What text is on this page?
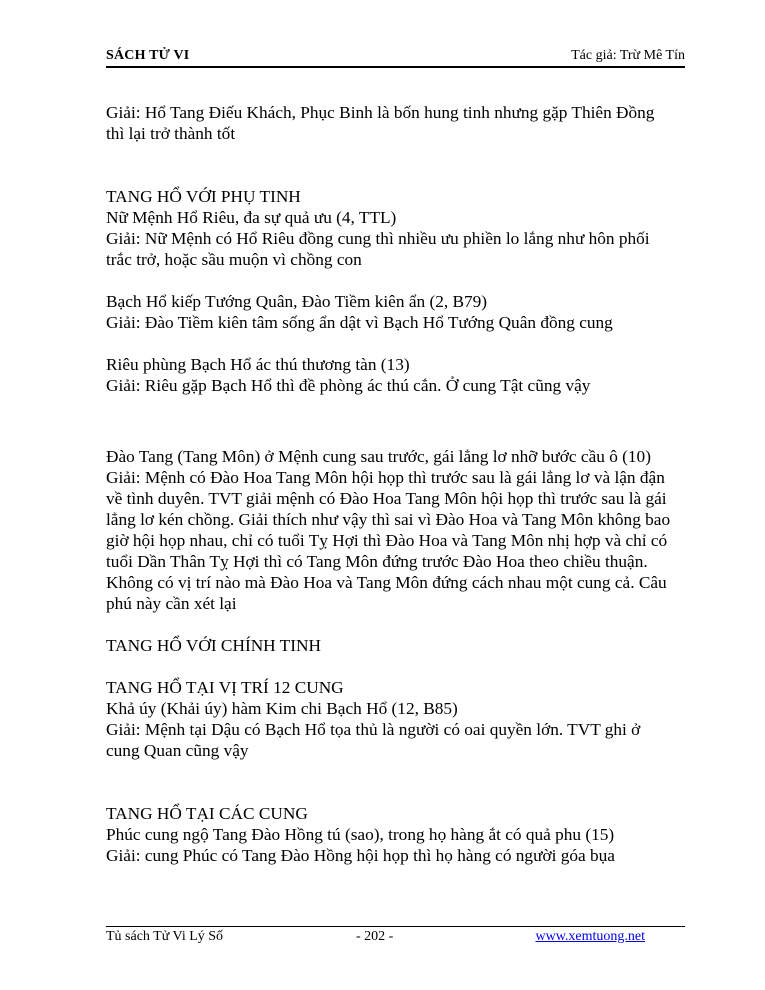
SÁCH TỬ VI	Tác giả: Trừ Mê Tín
Giải: Hổ Tang Điếu Khách, Phục Binh là bốn hung tinh nhưng gặp Thiên Đồng
thì lại trở thành tốt
TANG HỔ VỚI PHỤ TINH
Nữ Mệnh Hổ Riêu, đa sự quả ưu (4, TTL)
Giải: Nữ Mệnh có Hổ Riêu đồng cung thì nhiều ưu phiền lo lắng như hôn phối
trắc trở, hoặc sầu muộn vì chồng con
Bạch Hổ kiếp Tướng Quân, Đào Tiềm kiên ẩn (2, B79)
Giải: Đào Tiềm kiên tâm sống ẩn dật vì Bạch Hổ Tướng Quân đồng cung
Riêu phùng Bạch Hổ ác thú thương tàn (13)
Giải: Riêu gặp Bạch Hổ thì đề phòng ác thú cắn. Ở cung Tật cũng vậy
Đào Tang (Tang Môn) ở Mệnh cung sau trước, gái lẳng lơ nhỡ bước cầu ô (10)
Giải: Mệnh có Đào Hoa Tang Môn hội họp thì trước sau là gái lẳng lơ và lận đận
về tình duyên. TVT giải mệnh có Đào Hoa Tang Môn hội họp thì trước sau là gái
lẳng lơ kén chồng. Giải thích như vậy thì sai vì Đào Hoa và Tang Môn không bao
giờ hội họp nhau, chỉ có tuổi Tỵ Hợi thì Đào Hoa và Tang Môn nhị hợp và chỉ có
tuổi Dần Thân Tỵ Hợi thì có Tang Môn đứng trước Đào Hoa theo chiều thuận.
Không có vị trí nào mà Đào Hoa và Tang Môn đứng cách nhau một cung cả. Câu
phú này cần xét lại
TANG HỔ VỚI CHÍNH TINH
TANG HỔ TẠI VỊ TRÍ 12 CUNG
Khả úy (Khải úy) hàm Kim chi Bạch Hổ (12, B85)
Giải: Mệnh tại Dậu có Bạch Hổ tọa thủ là người có oai quyền lớn. TVT ghi ở
cung Quan cũng vậy
TANG HỔ TẠI CÁC CUNG
Phúc cung ngộ Tang Đào Hồng tú (sao), trong họ hàng ắt có quả phu (15)
Giải: cung Phúc có Tang Đào Hồng hội họp thì họ hàng có người góa bụa
Tủ sách Tử Vi Lý Số	- 202 -	www.xemtuong.net
